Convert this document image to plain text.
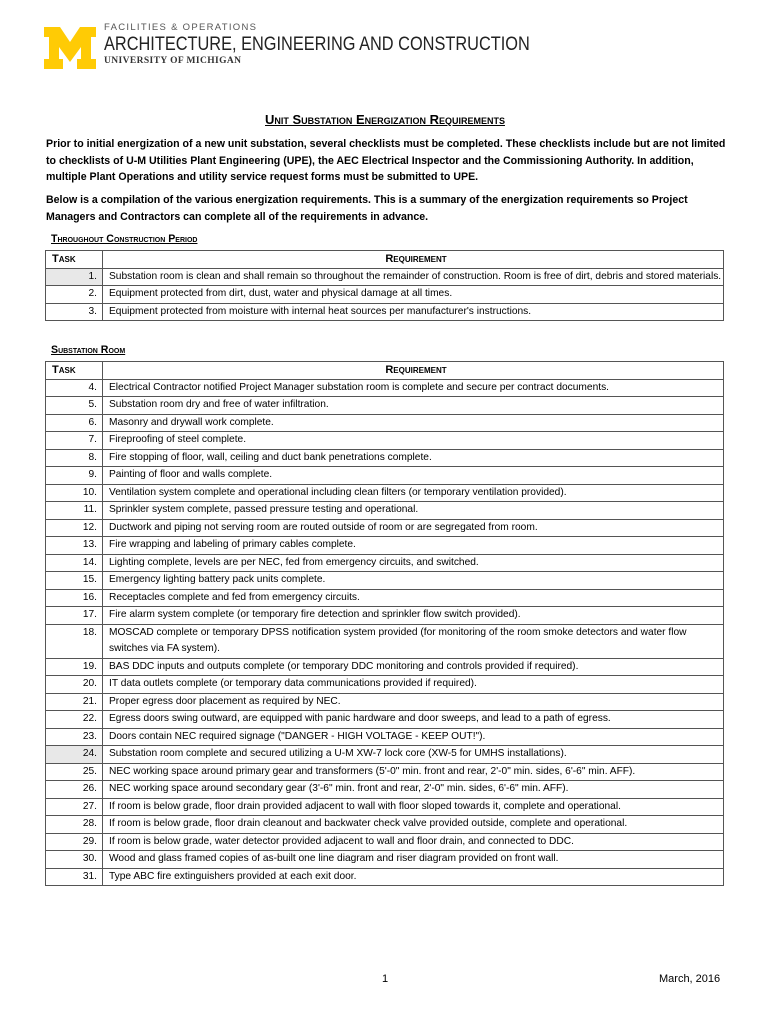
FACILITIES & OPERATIONS
ARCHITECTURE, ENGINEERING AND CONSTRUCTION
UNIVERSITY OF MICHIGAN
Unit Substation Energization Requirements
Prior to initial energization of a new unit substation, several checklists must be completed. These checklists include but are not limited to checklists of U-M Utilities Plant Engineering (UPE), the AEC Electrical Inspector and the Commissioning Authority. In addition, multiple Plant Operations and utility service request forms must be submitted to UPE.
Below is a compilation of the various energization requirements. This is a summary of the energization requirements so Project Managers and Contractors can complete all of the requirements in advance.
Throughout Construction Period
Task	Requirement
1.	Substation room is clean and shall remain so throughout the remainder of construction. Room is free of dirt, debris and stored materials.
2.	Equipment protected from dirt, dust, water and physical damage at all times.
3.	Equipment protected from moisture with internal heat sources per manufacturer's instructions.
Substation Room
Task	Requirement
4.	Electrical Contractor notified Project Manager substation room is complete and secure per contract documents.
5.	Substation room dry and free of water infiltration.
6.	Masonry and drywall work complete.
7.	Fireproofing of steel complete.
8.	Fire stopping of floor, wall, ceiling and duct bank penetrations complete.
9.	Painting of floor and walls complete.
10.	Ventilation system complete and operational including clean filters (or temporary ventilation provided).
11.	Sprinkler system complete, passed pressure testing and operational.
12.	Ductwork and piping not serving room are routed outside of room or are segregated from room.
13.	Fire wrapping and labeling of primary cables complete.
14.	Lighting complete, levels are per NEC, fed from emergency circuits, and switched.
15.	Emergency lighting battery pack units complete.
16.	Receptacles complete and fed from emergency circuits.
17.	Fire alarm system complete (or temporary fire detection and sprinkler flow switch provided).
18.	MOSCAD complete or temporary DPSS notification system provided (for monitoring of the room smoke detectors and water flow switches via FA system).
19.	BAS DDC inputs and outputs complete (or temporary DDC monitoring and controls provided if required).
20.	IT data outlets complete (or temporary data communications provided if required).
21.	Proper egress door placement as required by NEC.
22.	Egress doors swing outward, are equipped with panic hardware and door sweeps, and lead to a path of egress.
23.	Doors contain NEC required signage ("DANGER - HIGH VOLTAGE - KEEP OUT!").
24.	Substation room complete and secured utilizing a U-M XW-7 lock core (XW-5 for UMHS installations).
25.	NEC working space around primary gear and transformers (5'-0" min. front and rear, 2'-0" min. sides, 6'-6" min. AFF).
26.	NEC working space around secondary gear (3'-6" min. front and rear, 2'-0" min. sides, 6'-6" min. AFF).
27.	If room is below grade, floor drain provided adjacent to wall with floor sloped towards it, complete and operational.
28.	If room is below grade, floor drain cleanout and backwater check valve provided outside, complete and operational.
29.	If room is below grade, water detector provided adjacent to wall and floor drain, and connected to DDC.
30.	Wood and glass framed copies of as-built one line diagram and riser diagram provided on front wall.
31.	Type ABC fire extinguishers provided at each exit door.
1	March, 2016
